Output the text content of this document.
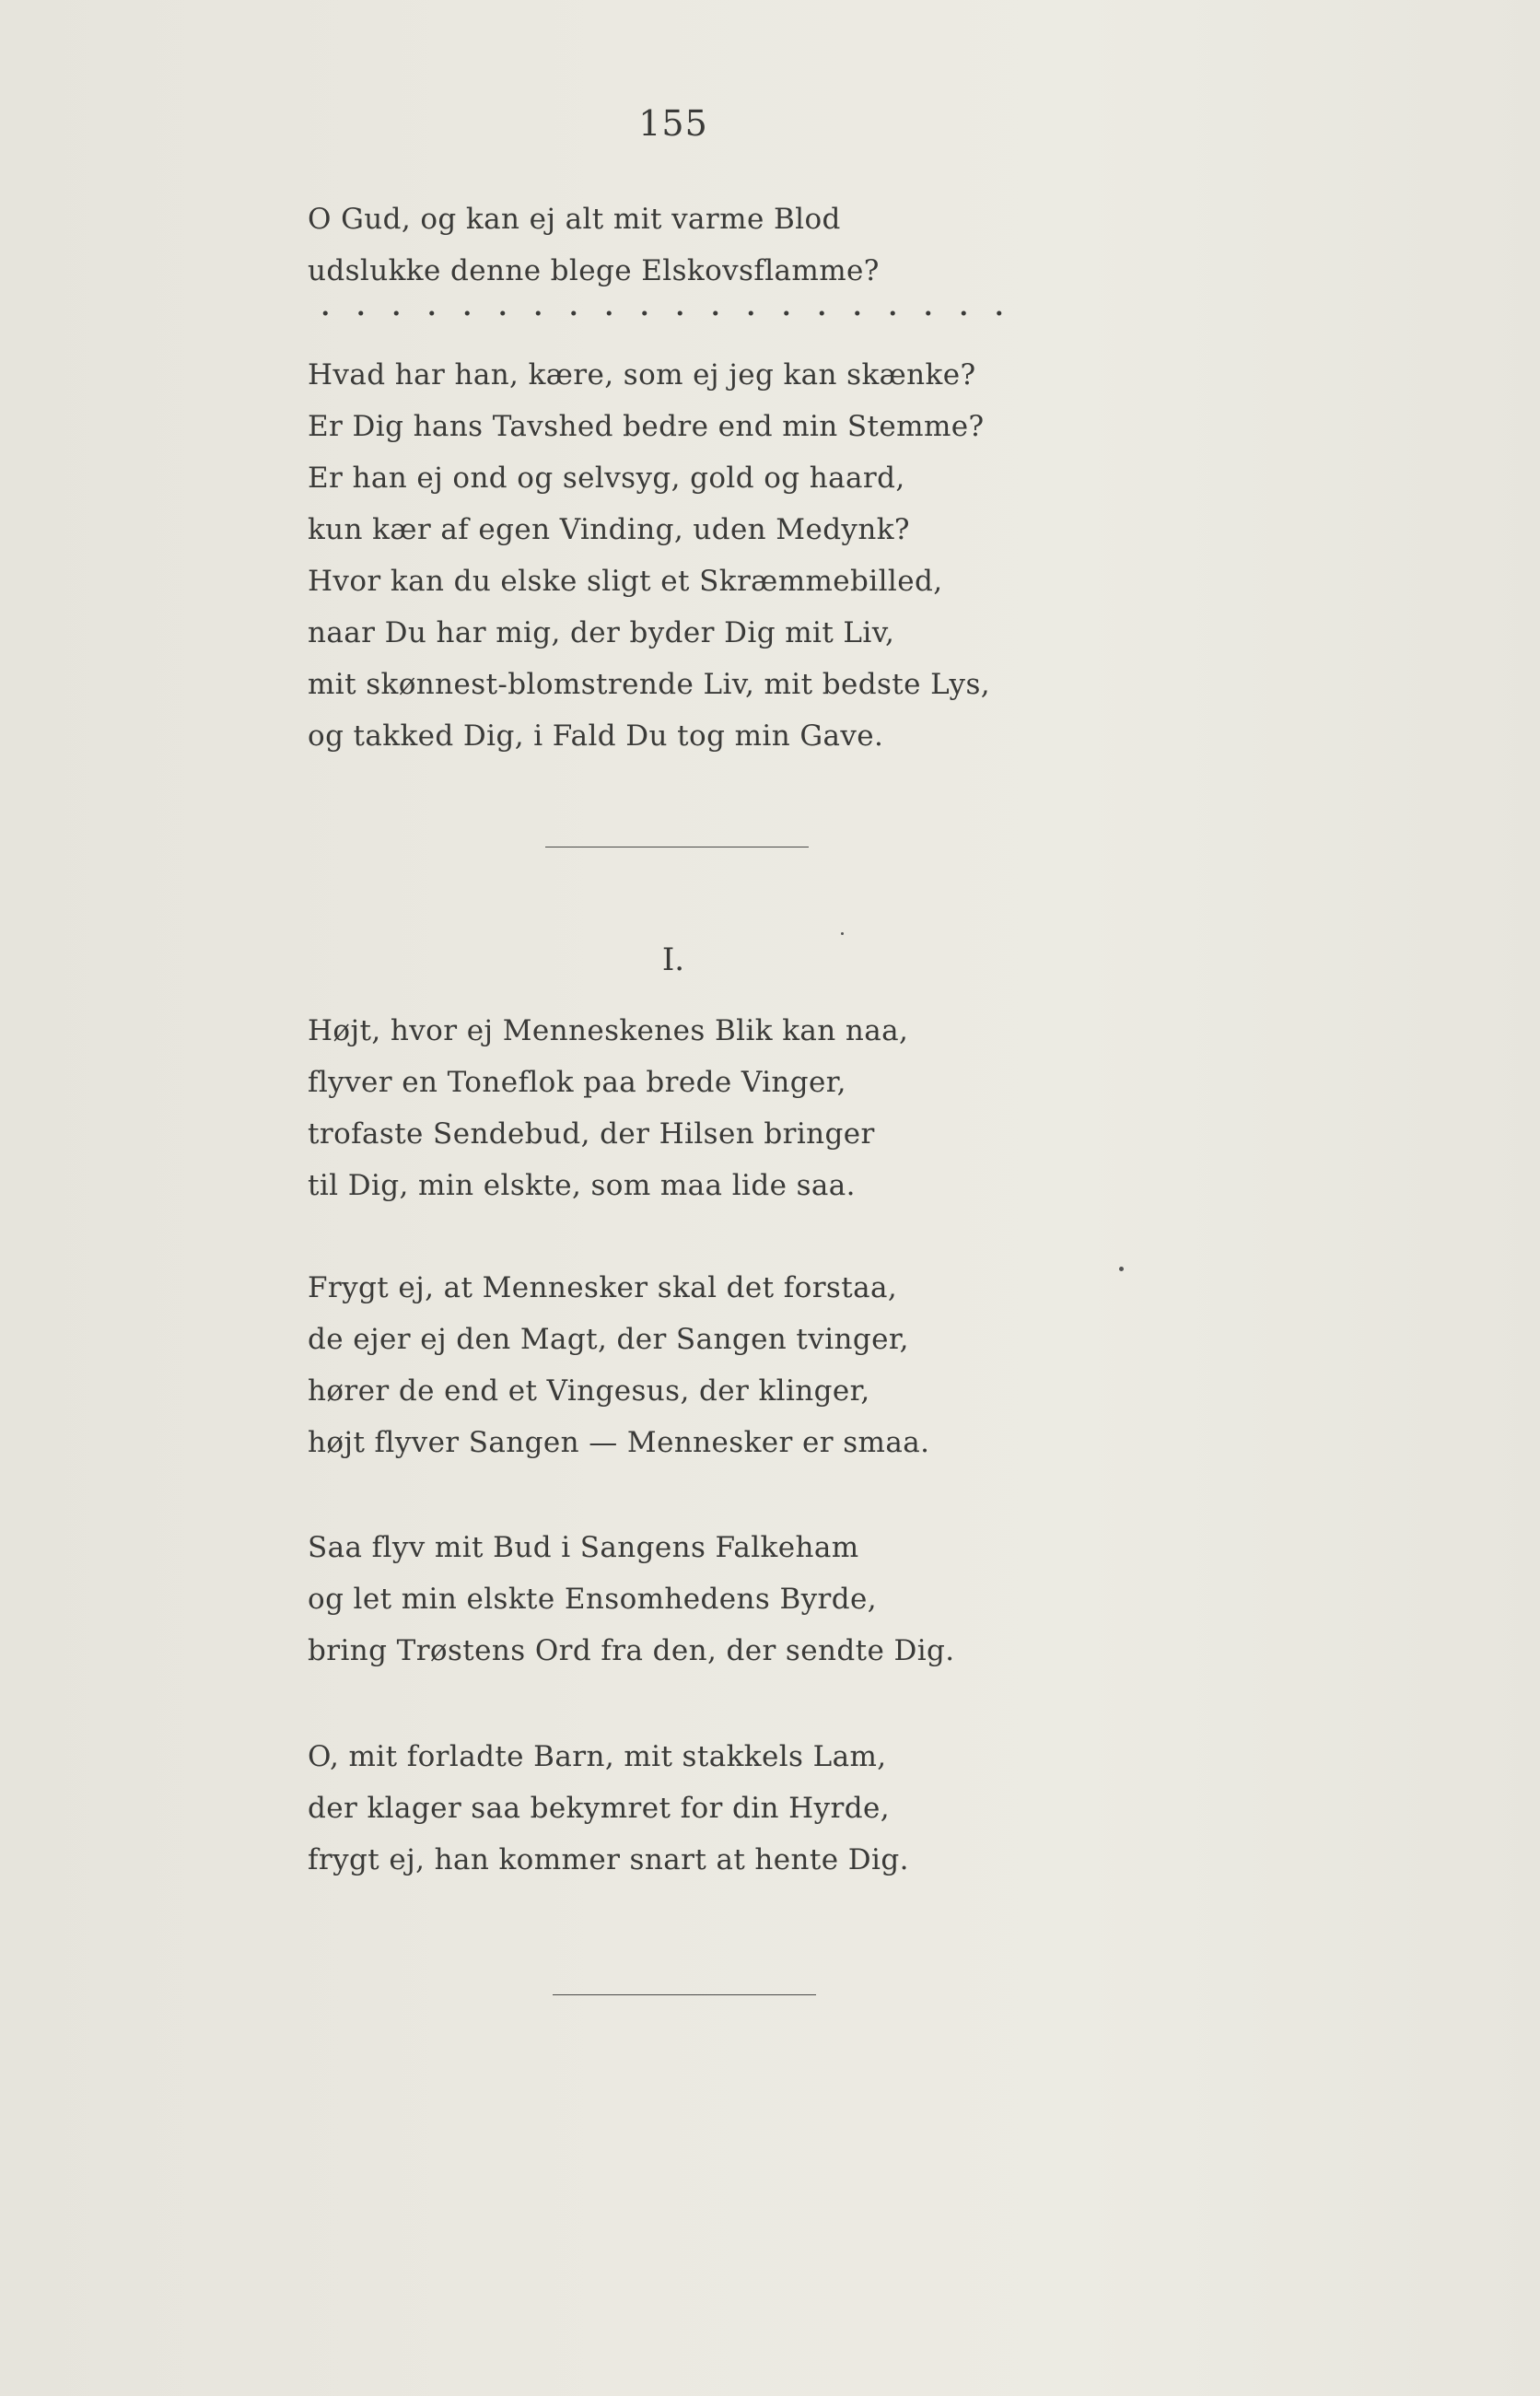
155
O Gud, og kan ej alt mit varme Blod
udslukke denne blege Elskovsflamme?
Hvad har han, kære, som ej jeg kan skænke?
Er Dig hans Tavshed bedre end min Stemme?
Er han ej ond og selvsyg, gold og haard,
kun kær af egen Vinding, uden Medynk?
Hvor kan du elske sligt et Skræmmebilled,
naar Du har mig, der byder Dig mit Liv,
mit skønnest-blomstrende Liv, mit bedste Lys,
og takked Dig, i Fald Du tog min Gave.
I.
Højt, hvor ej Menneskenes Blik kan naa,
flyver en Toneflok paa brede Vinger,
trofaste Sendebud, der Hilsen bringer
til Dig, min elskte, som maa lide saa.
Frygt ej, at Mennesker skal det forstaa,
de ejer ej den Magt, der Sangen tvinger,
hører de end et Vingesus, der klinger,
højt flyver Sangen — Mennesker er smaa.
Saa flyv mit Bud i Sangens Falkeham
og let min elskte Ensomhedens Byrde,
bring Trøstens Ord fra den, der sendte Dig.
O, mit forladte Barn, mit stakkels Lam,
der klager saa bekymret for din Hyrde,
frygt ej, han kommer snart at hente Dig.
